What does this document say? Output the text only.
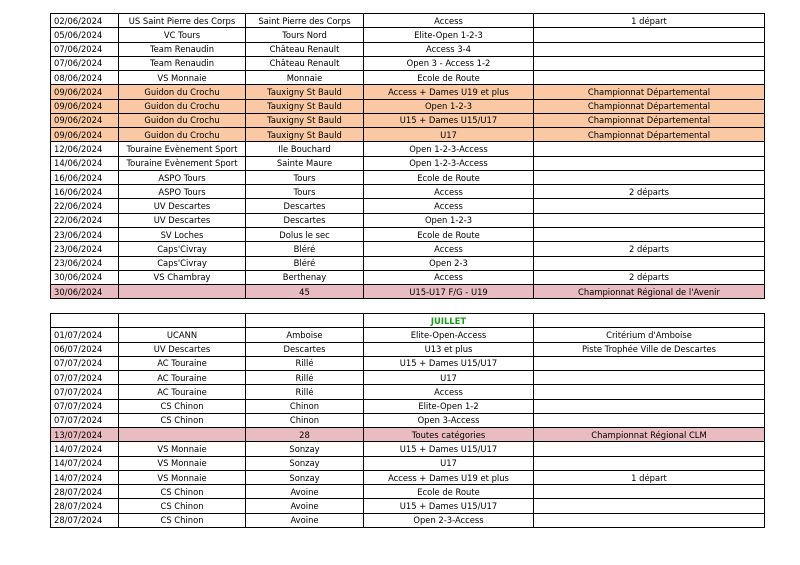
02/06/2024	US Saint Pierre des Corps	Saint Pierre des Corps	Access	1 départ
05/06/2024	VC Tours	Tours Nord	Elite-Open 1-2-3	
07/06/2024	Team Renaudin	Château Renault	Access 3-4	
07/06/2024	Team Renaudin	Château Renault	Open 3 - Access 1-2	
08/06/2024	VS Monnaie	Monnaie	Ecole de Route	
09/06/2024	Guidon du Crochu	Tauxigny St Bauld	Access + Dames U19 et plus	Championnat Départemental
09/06/2024	Guidon du Crochu	Tauxigny St Bauld	Open 1-2-3	Championnat Départemental
09/06/2024	Guidon du Crochu	Tauxigny St Bauld	U15 + Dames U15/U17	Championnat Départemental
09/06/2024	Guidon du Crochu	Tauxigny St Bauld	U17	Championnat Départemental
12/06/2024	Touraine Evènement Sport	Ile Bouchard	Open 1-2-3-Access	
14/06/2024	Touraine Evènement Sport	Sainte Maure	Open 1-2-3-Access	
16/06/2024	ASPO Tours	Tours	Ecole de Route	
16/06/2024	ASPO Tours	Tours	Access	2 départs
22/06/2024	UV Descartes	Descartes	Access	
22/06/2024	UV Descartes	Descartes	Open 1-2-3	
23/06/2024	SV Loches	Dolus le sec	Ecole de Route	
23/06/2024	Caps'Civray	Bléré	Access	2 départs
23/06/2024	Caps'Civray	Bléré	Open 2-3	
30/06/2024	VS Chambray	Berthenay	Access	2 départs
30/06/2024		45	U15-U17 F/G - U19	Championnat Régional de l'Avenir
			JUILLET	
01/07/2024	UCANN	Amboise	Elite-Open-Access	Critérium d'Amboise
06/07/2024	UV Descartes	Descartes	U13 et plus	Piste Trophée Ville de Descartes
07/07/2024	AC Touraine	Rillé	U15 + Dames U15/U17	
07/07/2024	AC Touraine	Rillé	U17	
07/07/2024	AC Touraine	Rillé	Access	
07/07/2024	CS Chinon	Chinon	Elite-Open 1-2	
07/07/2024	CS Chinon	Chinon	Open 3-Access	
13/07/2024		28	Toutes catégories	Championnat Régional CLM
14/07/2024	VS Monnaie	Sonzay	U15 + Dames U15/U17	
14/07/2024	VS Monnaie	Sonzay	U17	
14/07/2024	VS Monnaie	Sonzay	Access + Dames U19 et plus	1 départ
28/07/2024	CS Chinon	Avoine	Ecole de Route	
28/07/2024	CS Chinon	Avoine	U15 + Dames U15/U17	
28/07/2024	CS Chinon	Avoine	Open 2-3-Access	
